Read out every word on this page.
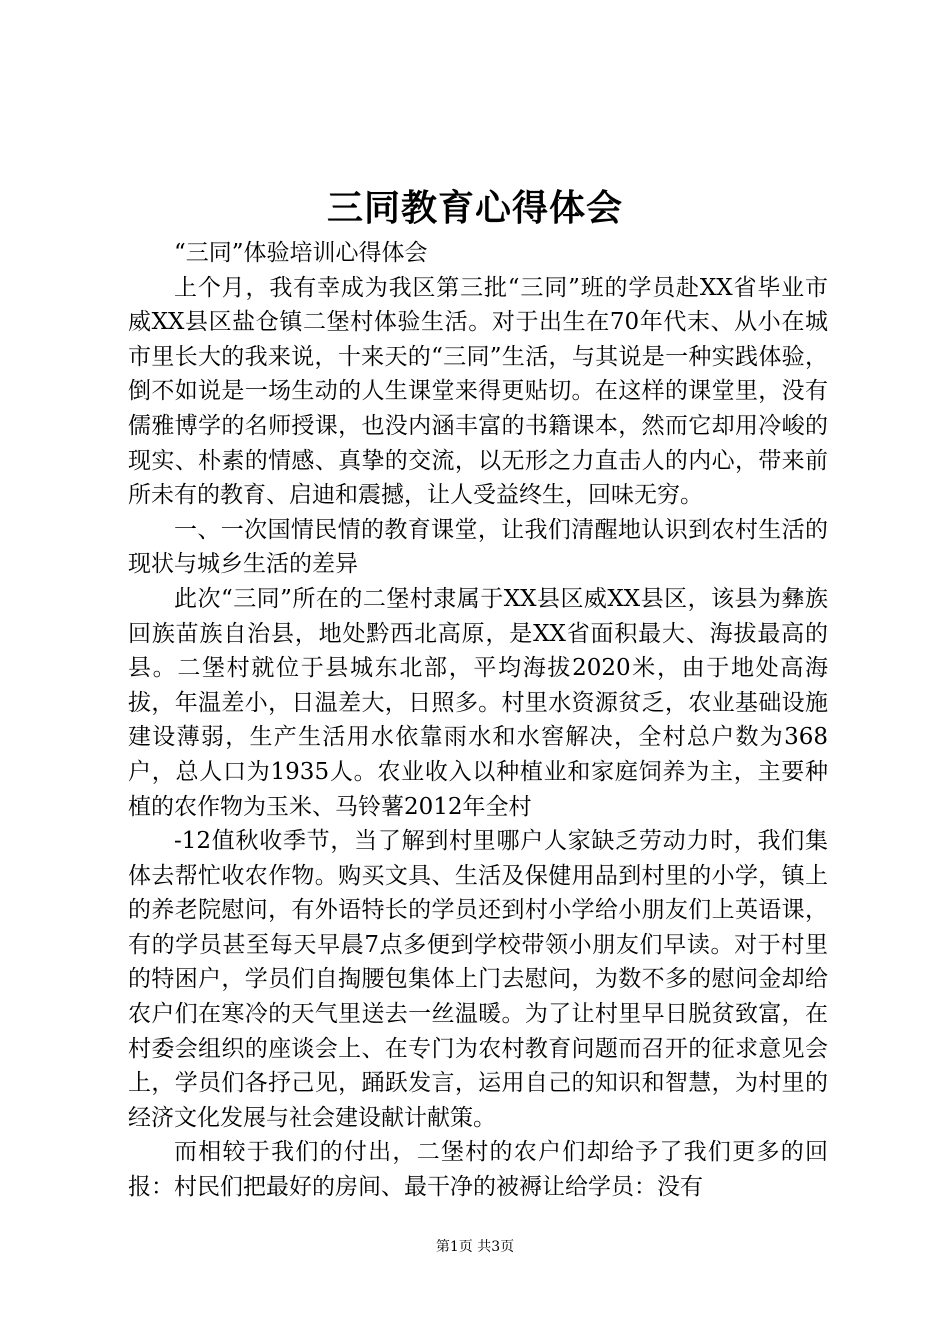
三同教育心得体会

“三同”体验培训心得体会

上个月，我有幸成为我区第三批“三同”班的学员赴XX省毕业市威XX县区盐仓镇二堡村体验生活。对于出生在70年代末、从小在城市里长大的我来说，十来天的“三同”生活，与其说是一种实践体验，倒不如说是一场生动的人生课堂来得更贴切。在这样的课堂里，没有儒雅博学的名师授课，也没内涵丰富的书籍课本，然而它却用冷峻的现实、朴素的情感、真挚的交流，以无形之力直击人的内心，带来前所未有的教育、启迪和震撼，让人受益终生，回味无穷。

一、一次国情民情的教育课堂，让我们清醒地认识到农村生活的现状与城乡生活的差异

此次“三同”所在的二堡村隶属于XX县区威XX县区，该县为彝族回族苗族自治县，地处黔西北高原，是XX省面积最大、海拔最高的县。二堡村就位于县城东北部，平均海拔2020米，由于地处高海拔，年温差小，日温差大，日照多。村里水资源贫乏，农业基础设施建设薄弱，生产生活用水依靠雨水和水窖解决，全村总户数为368户，总人口为1935人。农业收入以种植业和家庭饲养为主，主要种植的农作物为玉米、马铃薯2012年全村

-12值秋收季节，当了解到村里哪户人家缺乏劳动力时，我们集体去帮忙收农作物。购买文具、生活及保健用品到村里的小学，镇上的养老院慰问，有外语特长的学员还到村小学给小朋友们上英语课，有的学员甚至每天早晨7点多便到学校带领小朋友们早读。对于村里的特困户，学员们自掏腰包集体上门去慰问，为数不多的慰问金却给农户们在寒冷的天气里送去一丝温暖。为了让村里早日脱贫致富，在村委会组织的座谈会上、在专门为农村教育问题而召开的征求意见会上，学员们各抒己见，踊跃发言，运用自己的知识和智慧，为村里的经济文化发展与社会建设献计献策。

而相较于我们的付出，二堡村的农户们却给予了我们更多的回报：村民们把最好的房间、最干净的被褥让给学员：没有

第1页 共3页
